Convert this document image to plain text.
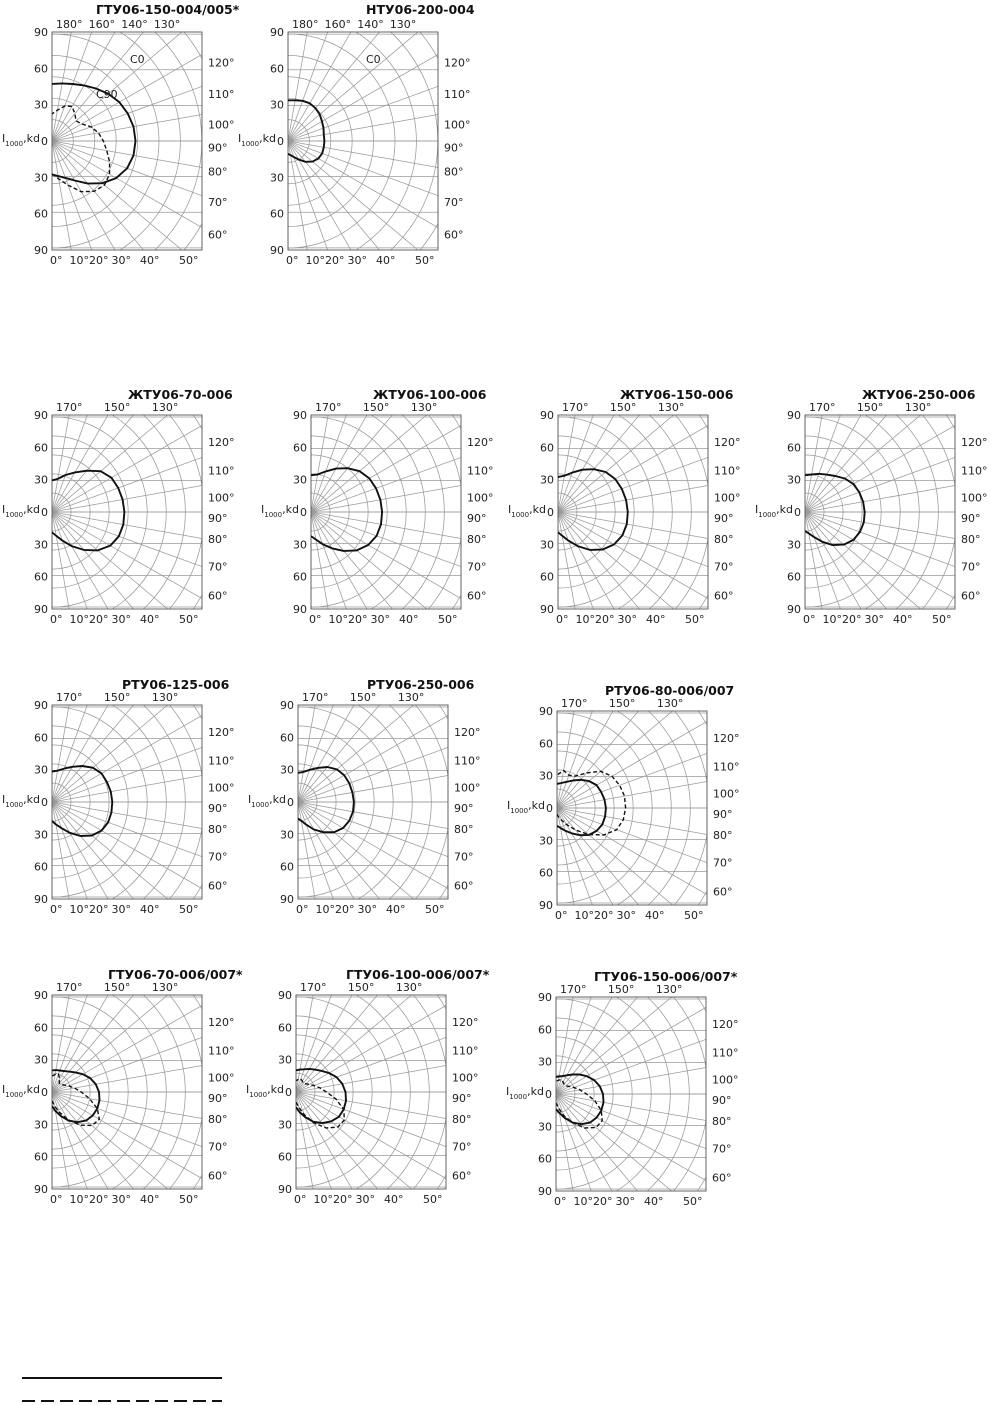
ГТУ06-150-004/005*
180° 160° 140° 130°
120°
110°
100°
90°
80°
70°
60°
0° 10° 20° 30° 40° 50°
90
60
30
0
30
60
90
$I_{1000},kd$
C0
C90
НТУ06-200-004
180° 160° 140° 130°
120°
110°
100°
90°
80°
70°
60°
0° 10° 20° 30° 40° 50°
90
60
30
0
30
60
90
$I_{1000},kd$
C0
ЖТУ06-70-006
170° 150° 130°
120°
110°
100°
90°
80°
70°
60°
0° 10° 20° 30° 40° 50°
90
60
30
0
30
60
90
$I_{1000},kd$
ЖТУ06-100-006
170° 150° 130°
120°
110°
100°
90°
80°
70°
60°
0° 10° 20° 30° 40° 50°
90
60
30
0
30
60
90
$I_{1000},kd$
ЖТУ06-150-006
170° 150° 130°
120°
110°
100°
90°
80°
70°
60°
0° 10° 20° 30° 40° 50°
90
60
30
0
30
60
90
$I_{1000},kd$
ЖТУ06-250-006
170° 150° 130°
120°
110°
100°
90°
80°
70°
60°
0° 10° 20° 30° 40° 50°
90
60
30
0
30
60
90
$I_{1000},kd$
РТУ06-125-006
170° 150° 130°
120°
110°
100°
90°
80°
70°
60°
0° 10° 20° 30° 40° 50°
90
60
30
0
30
60
90
$I_{1000},kd$
РТУ06-250-006
170° 150° 130°
120°
110°
100°
90°
80°
70°
60°
0° 10° 20° 30° 40° 50°
90
60
30
0
30
60
90
$I_{1000},kd$
РТУ06-80-006/007
170° 150° 130°
120°
110°
100°
90°
80°
70°
60°
0° 10° 20° 30° 40° 50°
90
60
30
0
30
60
90
$I_{1000},kd$
ГТУ06-70-006/007*
170° 150° 130°
120°
110°
100°
90°
80°
70°
60°
0° 10° 20° 30° 40° 50°
90
60
30
0
30
60
90
$I_{1000},kd$
ГТУ06-100-006/007*
170° 150° 130°
120°
110°
100°
90°
80°
70°
60°
0° 10° 20° 30° 40° 50°
90
60
30
0
30
60
90
$I_{1000},kd$
ГТУ06-150-006/007*
170° 150° 130°
120°
110°
100°
90°
80°
70°
60°
0° 10° 20° 30° 40° 50°
90
60
30
0
30
60
90
$I_{1000},kd$
